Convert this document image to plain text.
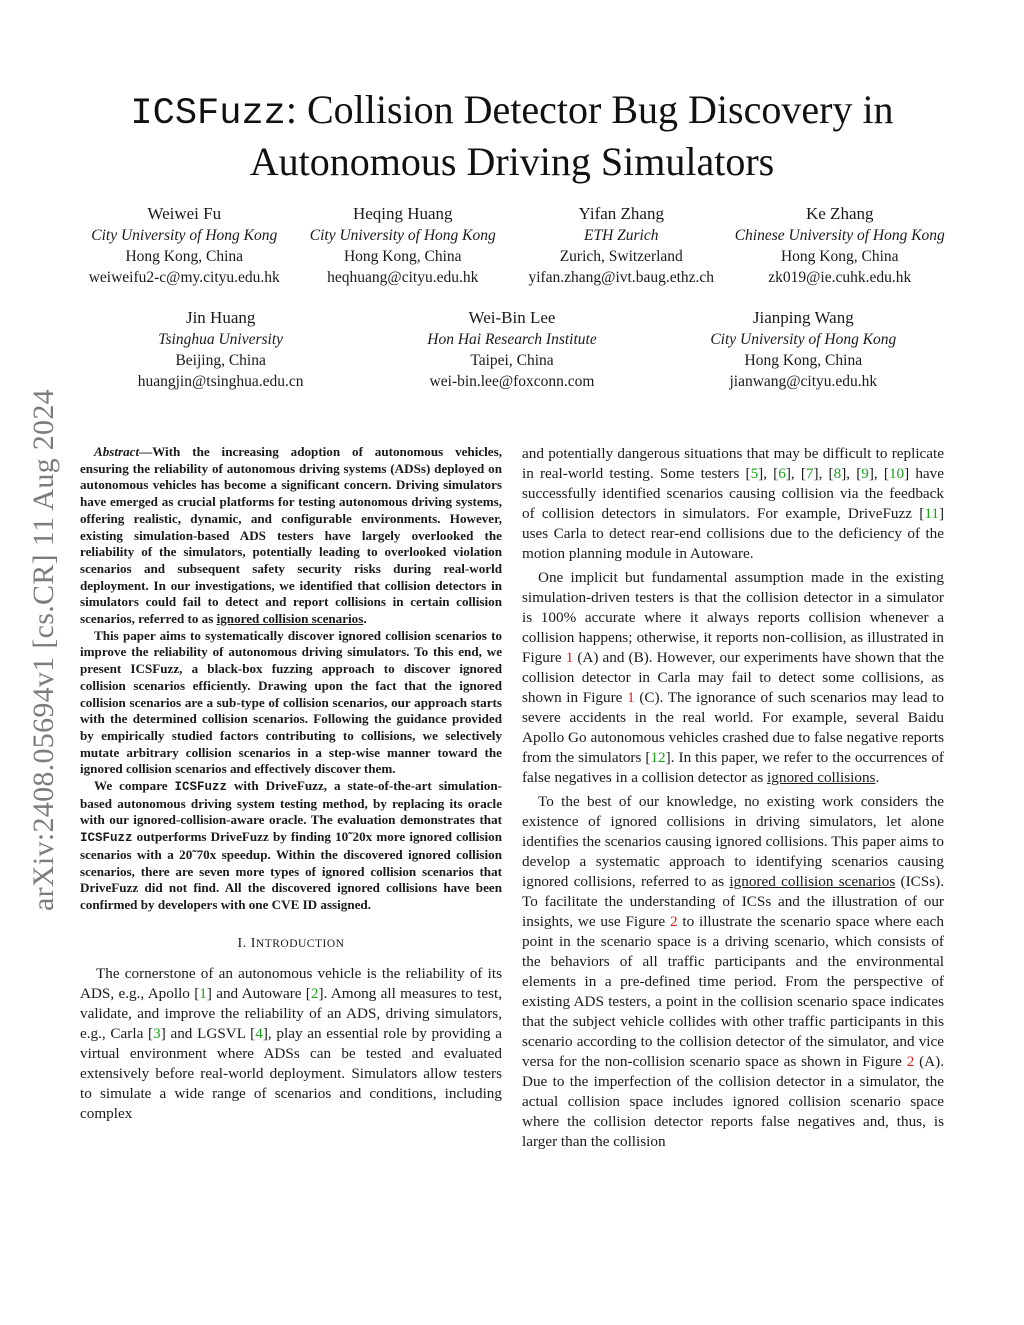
arXiv:2408.05694v1 [cs.CR] 11 Aug 2024
ICSFuzz: Collision Detector Bug Discovery in
Autonomous Driving Simulators
Weiwei Fu
City University of Hong Kong
Hong Kong, China
weiweifu2-c@my.cityu.edu.hk
Heqing Huang
City University of Hong Kong
Hong Kong, China
heqhuang@cityu.edu.hk
Yifan Zhang
ETH Zurich
Zurich, Switzerland
yifan.zhang@ivt.baug.ethz.ch
Ke Zhang
Chinese University of Hong Kong
Hong Kong, China
zk019@ie.cuhk.edu.hk
Jin Huang
Tsinghua University
Beijing, China
huangjin@tsinghua.edu.cn
Wei-Bin Lee
Hon Hai Research Institute
Taipei, China
wei-bin.lee@foxconn.com
Jianping Wang
City University of Hong Kong
Hong Kong, China
jianwang@cityu.edu.hk

Abstract—With the increasing adoption of autonomous vehicles, ensuring the reliability of autonomous driving systems (ADSs) deployed on autonomous vehicles has become a significant concern. Driving simulators have emerged as crucial platforms for testing autonomous driving systems, offering realistic, dynamic, and configurable environments. However, existing simulation-based ADS testers have largely overlooked the reliability of the simulators, potentially leading to overlooked violation scenarios and subsequent safety security risks during real-world deployment. In our investigations, we identified that collision detectors in simulators could fail to detect and report collisions in certain collision scenarios, referred to as ignored collision scenarios.

This paper aims to systematically discover ignored collision scenarios to improve the reliability of autonomous driving simulators. To this end, we present ICSFuzz, a black-box fuzzing approach to discover ignored collision scenarios efficiently. Drawing upon the fact that the ignored collision scenarios are a sub-type of collision scenarios, our approach starts with the determined collision scenarios. Following the guidance provided by empirically studied factors contributing to collisions, we selectively mutate arbitrary collision scenarios in a step-wise manner toward the ignored collision scenarios and effectively discover them.

We compare ICSFuzz with DriveFuzz, a state-of-the-art simulation-based autonomous driving system testing method, by replacing its oracle with our ignored-collision-aware oracle. The evaluation demonstrates that ICSFuzz outperforms DriveFuzz by finding 10˜20x more ignored collision scenarios with a 20˜70x speedup. Within the discovered ignored collision scenarios, there are seven more types of ignored collision scenarios that DriveFuzz did not find. All the discovered ignored collisions have been confirmed by developers with one CVE ID assigned.

I. INTRODUCTION

The cornerstone of an autonomous vehicle is the reliability of its ADS, e.g., Apollo [1] and Autoware [2]. Among all measures to test, validate, and improve the reliability of an ADS, driving simulators, e.g., Carla [3] and LGSVL [4], play an essential role by providing a virtual environment where ADSs can be tested and evaluated extensively before real-world deployment. Simulators allow testers to simulate a wide range of scenarios and conditions, including complex

and potentially dangerous situations that may be difficult to replicate in real-world testing. Some testers [5], [6], [7], [8], [9], [10] have successfully identified scenarios causing collision via the feedback of collision detectors in simulators. For example, DriveFuzz [11] uses Carla to detect rear-end collisions due to the deficiency of the motion planning module in Autoware.

One implicit but fundamental assumption made in the existing simulation-driven testers is that the collision detector in a simulator is 100% accurate where it always reports collision whenever a collision happens; otherwise, it reports non-collision, as illustrated in Figure 1 (A) and (B). However, our experiments have shown that the collision detector in Carla may fail to detect some collisions, as shown in Figure 1 (C). The ignorance of such scenarios may lead to severe accidents in the real world. For example, several Baidu Apollo Go autonomous vehicles crashed due to false negative reports from the simulators [12]. In this paper, we refer to the occurrences of false negatives in a collision detector as ignored collisions.

To the best of our knowledge, no existing work considers the existence of ignored collisions in driving simulators, let alone identifies the scenarios causing ignored collisions. This paper aims to develop a systematic approach to identifying scenarios causing ignored collisions, referred to as ignored collision scenarios (ICSs). To facilitate the understanding of ICSs and the illustration of our insights, we use Figure 2 to illustrate the scenario space where each point in the scenario space is a driving scenario, which consists of the behaviors of all traffic participants and the environmental elements in a pre-defined time period. From the perspective of existing ADS testers, a point in the collision scenario space indicates that the subject vehicle collides with other traffic participants in this scenario according to the collision detector of the simulator, and vice versa for the non-collision scenario space as shown in Figure 2 (A). Due to the imperfection of the collision detector in a simulator, the actual collision space includes ignored collision scenario space where the collision detector reports false negatives and, thus, is larger than the collision
